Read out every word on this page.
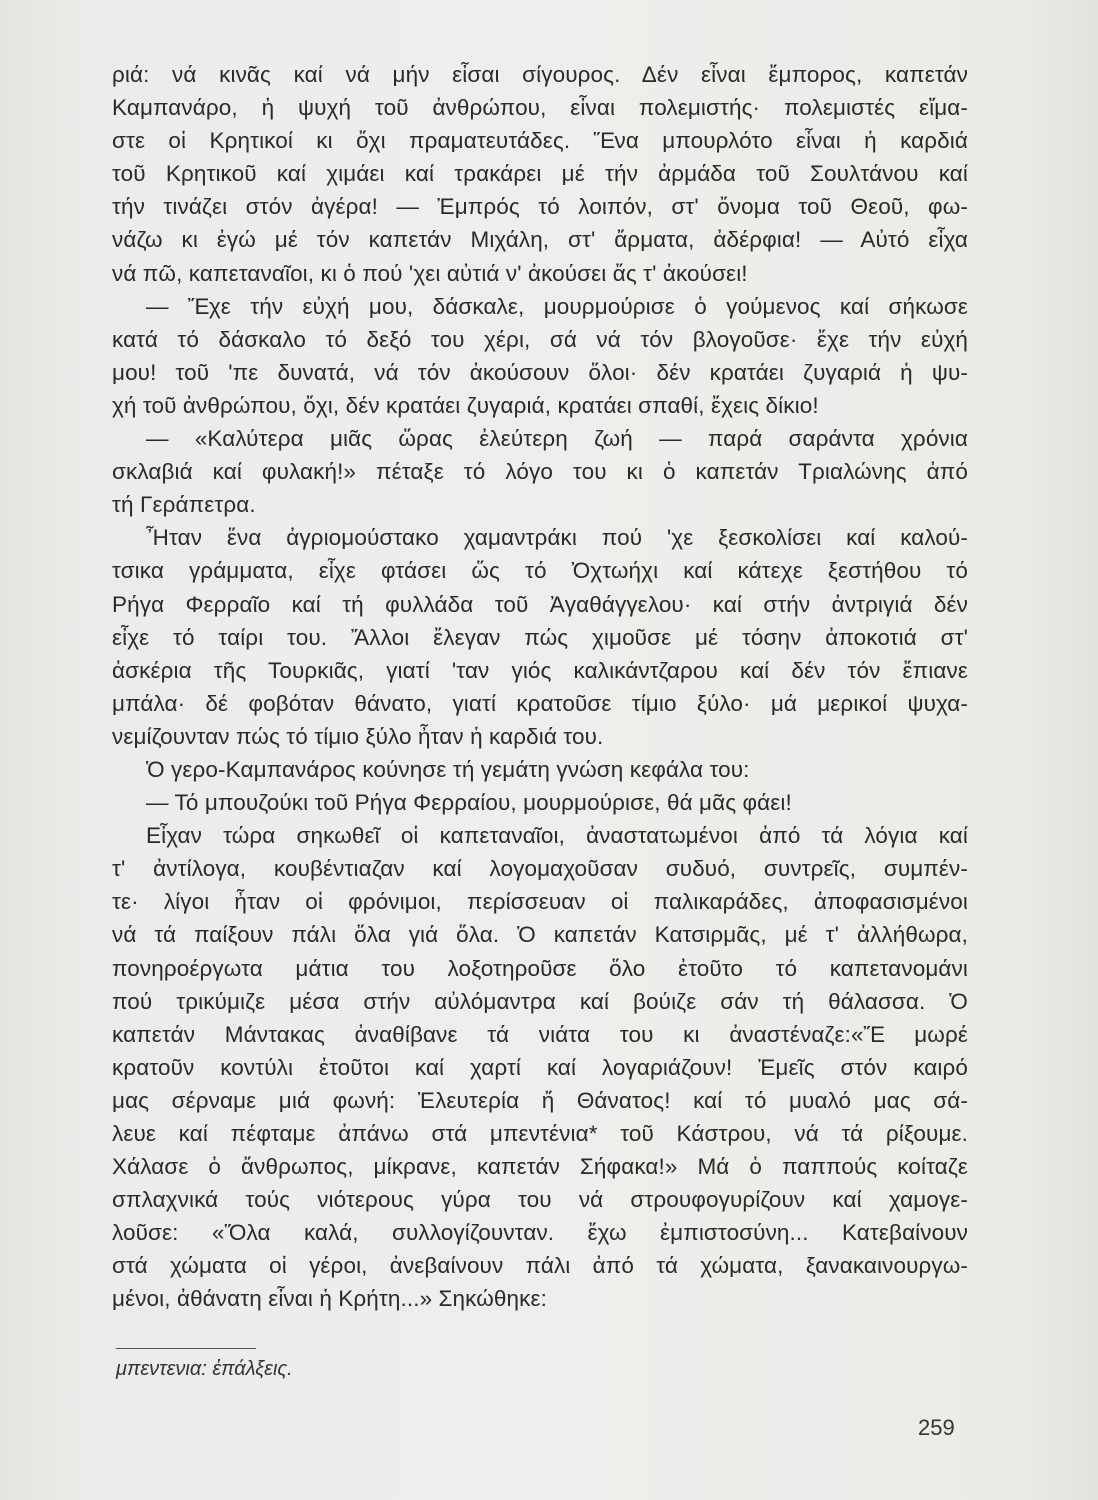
ριά: νά κινᾶς καί νά μήν εἶσαι σίγουρος. Δέν εἶναι ἔμπορος, καπετάν
Καμπανάρο, ἡ ψυχή τοῦ ἀνθρώπου, εἶναι πολεμιστής· πολεμιστές εἴμα-
στε οἱ Κρητικοί κι ὄχι πραματευτάδες. Ἕνα μπουρλότο εἶναι ἡ καρδιά
τοῦ Κρητικοῦ καί χιμάει καί τρακάρει μέ τήν ἀρμάδα τοῦ Σουλτάνου καί
τήν τινάζει στόν ἀγέρα! — Ἐμπρός τό λοιπόν, στ' ὄνομα τοῦ Θεοῦ, φω-
νάζω κι ἐγώ μέ τόν καπετάν Μιχάλη, στ' ἄρματα, ἀδέρφια! — Αὐτό εἶχα
νά πῶ, καπεταναῖοι, κι ὁ πού 'χει αὐτιά ν' ἀκούσει ἄς τ' ἀκούσει!
— Ἔχε τήν εὐχή μου, δάσκαλε, μουρμούρισε ὁ γούμενος καί σήκωσε
κατά τό δάσκαλο τό δεξό του χέρι, σά νά τόν βλογοῦσε· ἔχε τήν εὐχή
μου! τοῦ 'πε δυνατά, νά τόν ἀκούσουν ὅλοι· δέν κρατάει ζυγαριά ἡ ψυ-
χή τοῦ ἀνθρώπου, ὄχι, δέν κρατάει ζυγαριά, κρατάει σπαθί, ἔχεις δίκιο!
— «Καλύτερα μιᾶς ὥρας ἐλεύτερη ζωή — παρά σαράντα χρόνια
σκλαβιά καί φυλακή!» πέταξε τό λόγο του κι ὁ καπετάν Τριαλώνης ἀπό
τή Γεράπετρα.
Ἦταν ἕνα ἀγριομούστακο χαμαντράκι πού 'χε ξεσκολίσει καί καλού-
τσικα γράμματα, εἶχε φτάσει ὥς τό Ὀχτωήχι καί κάτεχε ξεστήθου τό
Ρήγα Φερραῖο καί τή φυλλάδα τοῦ Ἀγαθάγγελου· καί στήν ἀντριγιά δέν
εἶχε τό ταίρι του. Ἄλλοι ἔλεγαν πώς χιμοῦσε μέ τόσην ἀποκοτιά στ'
ἀσκέρια τῆς Τουρκιᾶς, γιατί 'ταν γιός καλικάντζαρου καί δέν τόν ἔπιανε
μπάλα· δέ φοβόταν θάνατο, γιατί κρατοῦσε τίμιο ξύλο· μά μερικοί ψυχα-
νεμίζουνταν πώς τό τίμιο ξύλο ἦταν ἡ καρδιά του.
Ὁ γερο-Καμπανάρος κούνησε τή γεμάτη γνώση κεφάλα του:
— Τό μπουζούκι τοῦ Ρήγα Φερραίου, μουρμούρισε, θά μᾶς φάει!
Εἶχαν τώρα σηκωθεῖ οἱ καπεταναῖοι, ἀναστατωμένοι ἀπό τά λόγια καί
τ' ἀντίλογα, κουβέντιαζαν καί λογομαχοῦσαν συδυό, συντρεῖς, συμπέν-
τε· λίγοι ἦταν οἱ φρόνιμοι, περίσσευαν οἱ παλικαράδες, ἀποφασισμένοι
νά τά παίξουν πάλι ὅλα γιά ὅλα. Ὁ καπετάν Κατσιρμᾶς, μέ τ' ἀλλήθωρα,
πονηροέργωτα μάτια του λοξοτηροῦσε ὅλο ἐτοῦτο τό καπετανομάνι
πού τρικύμιζε μέσα στήν αὐλόμαντρα καί βούιζε σάν τή θάλασσα. Ὁ
καπετάν Μάντακας ἀναθίβανε τά νιάτα του κι ἀναστέναζε:«Ἔ μωρέ
κρατοῦν κοντύλι ἐτοῦτοι καί χαρτί καί λογαριάζουν! Ἐμεῖς στόν καιρό
μας σέρναμε μιά φωνή: Ἐλευτερία ἤ Θάνατος! καί τό μυαλό μας σά-
λευε καί πέφταμε ἀπάνω στά μπεντένια* τοῦ Κάστρου, νά τά ρίξουμε.
Χάλασε ὁ ἄνθρωπος, μίκρανε, καπετάν Σήφακα!» Μά ὁ παππούς κοίταζε
σπλαχνικά τούς νιότερους γύρα του νά στρουφογυρίζουν καί χαμογε-
λοῦσε: «Ὅλα καλά, συλλογίζουνταν. ἔχω ἐμπιστοσύνη... Κατεβαίνουν
στά χώματα οἱ γέροι, ἀνεβαίνουν πάλι ἀπό τά χώματα, ξανακαινουργω-
μένοι, ἀθάνατη εἶναι ἡ Κρήτη...» Σηκώθηκε:
μπεντενια: ἐπάλξεις.
259
